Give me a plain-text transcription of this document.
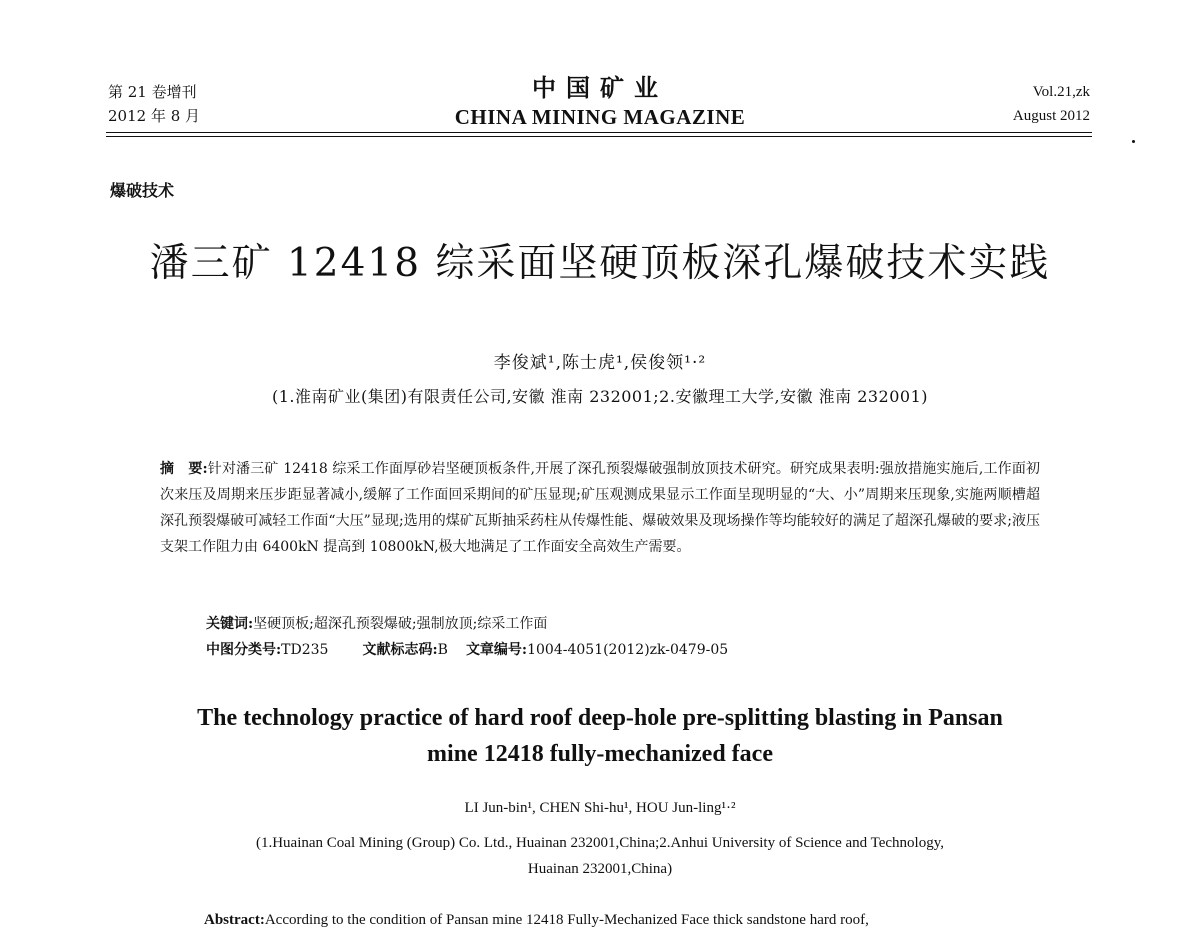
第 21 卷增刊
2012 年 8 月
中国矿业
CHINA MINING MAGAZINE
Vol.21,zk
August 2012
爆破技术
潘三矿 12418 综采面坚硬顶板深孔爆破技术实践
李俊斌¹,陈士虎¹,侯俊领¹·²
(1.淮南矿业(集团)有限责任公司,安徽 淮南 232001;2.安徽理工大学,安徽 淮南 232001)
摘　要:针对潘三矿 12418 综采工作面厚砂岩坚硬顶板条件,开展了深孔预裂爆破强制放顶技术研究。研究成果表明:强放措施实施后,工作面初次来压及周期来压步距显著减小,缓解了工作面回采期间的矿压显现;矿压观测成果显示工作面呈现明显的“大、小”周期来压现象,实施两顺槽超深孔预裂爆破可减轻工作面“大压”显现;选用的煤矿瓦斯抽采药柱从传爆性能、爆破效果及现场操作等均能较好的满足了超深孔爆破的要求;液压支架工作阻力由 6400kN 提高到 10800kN,极大地满足了工作面安全高效生产需要。
关键词:坚硬顶板;超深孔预裂爆破;强制放顶;综采工作面
中图分类号:TD235 文献标志码:B 文章编号:1004-4051(2012)zk-0479-05
The technology practice of hard roof deep-hole pre-splitting blasting in Pansan
mine 12418 fully-mechanized face
LI Jun-bin¹, CHEN Shi-hu¹, HOU Jun-ling¹·²
(1.Huainan Coal Mining (Group) Co. Ltd., Huainan 232001,China;2.Anhui University of Science and Technology,
Huainan 232001,China)
Abstract:According to the condition of Pansan mine 12418 Fully-Mechanized Face thick sandstone hard roof,
